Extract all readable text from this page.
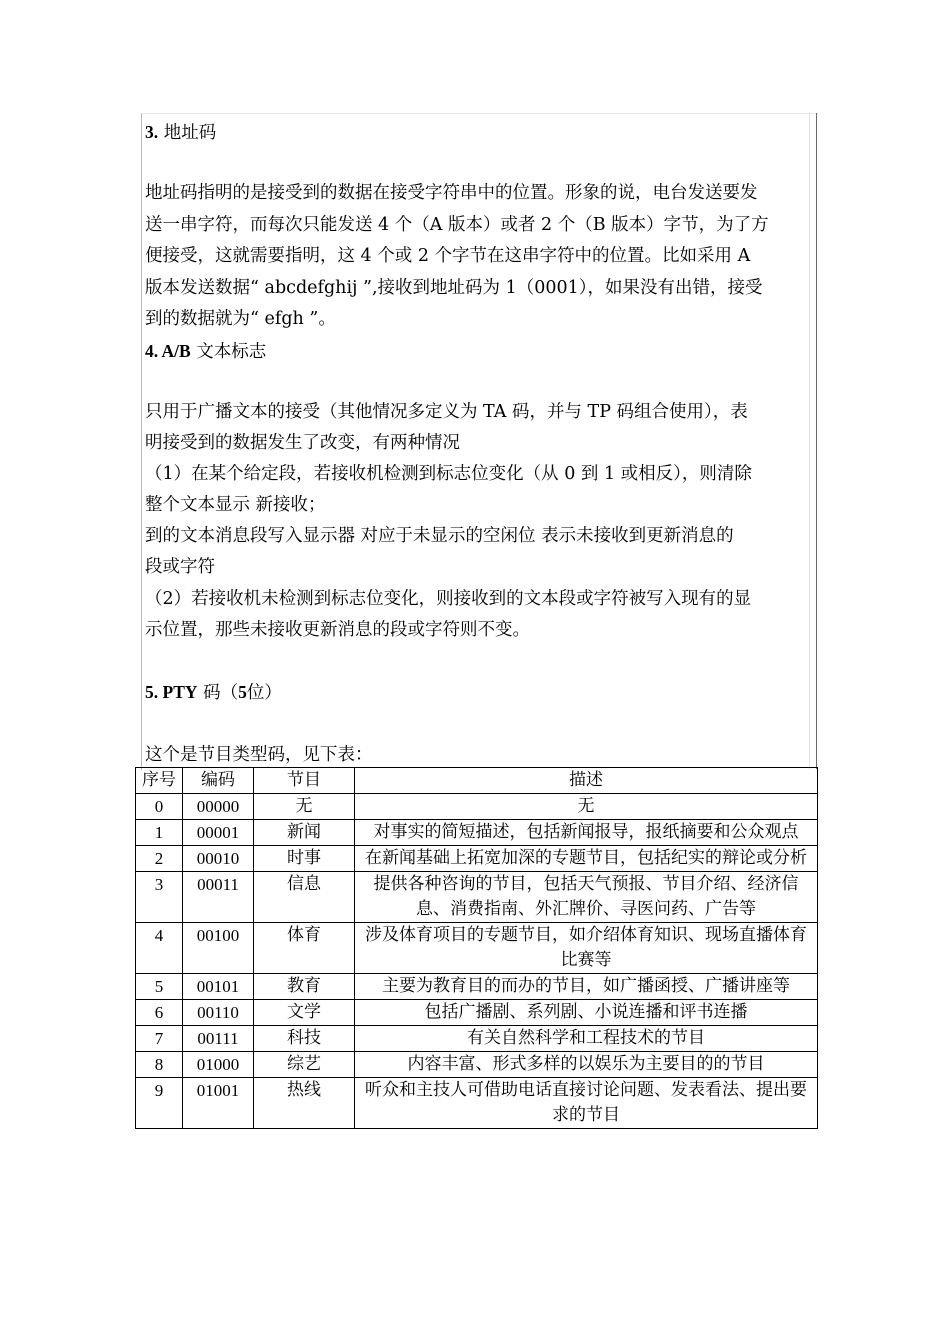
3. 地址码
地址码指明的是接受到的数据在接受字符串中的位置。形象的说，电台发送要发
送一串字符，而每次只能发送 4 个（A 版本）或者 2 个（B 版本）字节，为了方
便接受，这就需要指明，这 4 个或 2 个字节在这串字符中的位置。比如采用 A
版本发送数据“ abcdefghij ”,接收到地址码为 1（0001），如果没有出错，接受
到的数据就为“ efgh ”。
4. A/B 文本标志
只用于广播文本的接受（其他情况多定义为 TA 码，并与 TP 码组合使用），表
明接受到的数据发生了改变，有两种情况
（1）在某个给定段，若接收机检测到标志位变化（从 0 到 1 或相反），则清除
整个文本显示 新接收；
到的文本消息段写入显示器 对应于未显示的空闲位 表示未接收到更新消息的
段或字符
（2）若接收机未检测到标志位变化，则接收到的文本段或字符被写入现有的显
示位置，那些未接收更新消息的段或字符则不变。
5. PTY 码（5位）
这个是节目类型码，见下表：
序号	编码	节目	描述
0	00000	无	无
1	00001	新闻	对事实的简短描述，包括新闻报导，报纸摘要和公众观点
2	00010	时事	在新闻基础上拓宽加深的专题节目，包括纪实的辩论或分析
3	00011	信息	提供各种咨询的节目，包括天气预报、节目介绍、经济信息、消费指南、外汇牌价、寻医问药、广告等
4	00100	体育	涉及体育项目的专题节目，如介绍体育知识、现场直播体育比赛等
5	00101	教育	主要为教育目的而办的节目，如广播函授、广播讲座等
6	00110	文学	包括广播剧、系列剧、小说连播和评书连播
7	00111	科技	有关自然科学和工程技术的节目
8	01000	综艺	内容丰富、形式多样的以娱乐为主要目的的节目
9	01001	热线	听众和主技人可借助电话直接讨论问题、发表看法、提出要求的节目
